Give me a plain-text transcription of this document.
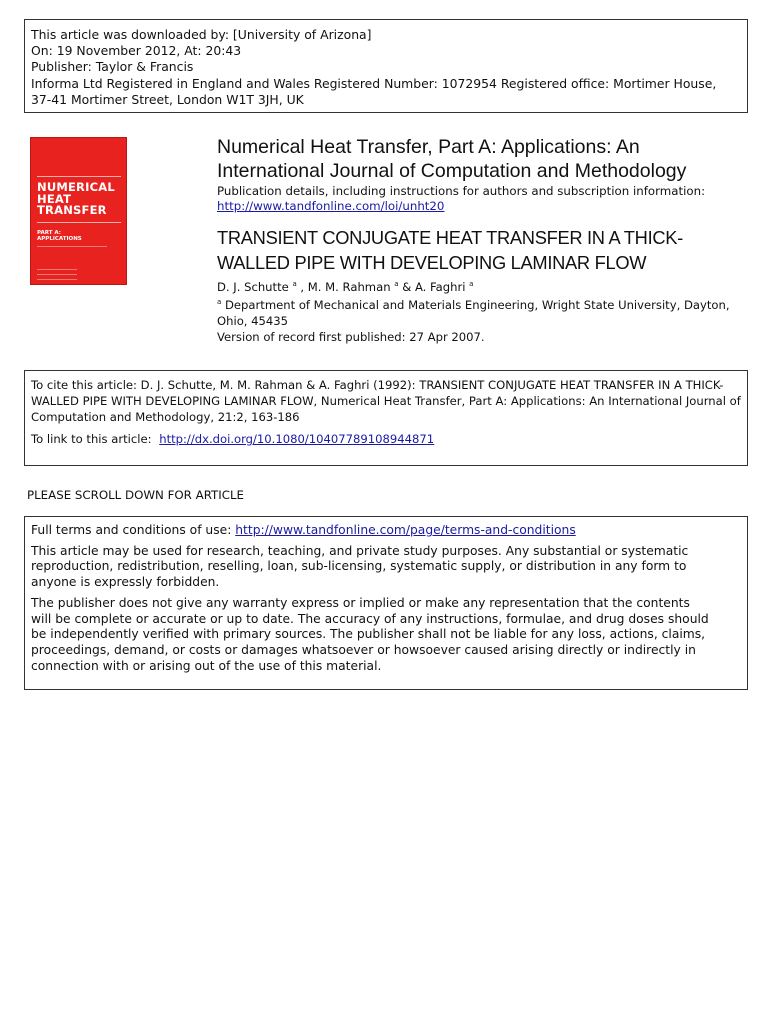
This article was downloaded by: [University of Arizona]
On: 19 November 2012, At: 20:43
Publisher: Taylor & Francis
Informa Ltd Registered in England and Wales Registered Number: 1072954 Registered office: Mortimer House,
37-41 Mortimer Street, London W1T 3JH, UK
NUMERICAL
HEAT
TRANSFER
PART A:
APPLICATIONS
Numerical Heat Transfer, Part A: Applications: An
International Journal of Computation and Methodology
Publication details, including instructions for authors and subscription information:
http://www.tandfonline.com/loi/unht20
TRANSIENT CONJUGATE HEAT TRANSFER IN A THICK-
WALLED PIPE WITH DEVELOPING LAMINAR FLOW
D. J. Schutte $^a$ , M. M. Rahman $^a$ & A. Faghri $^a$
$^a$ Department of Mechanical and Materials Engineering, Wright State University, Dayton,
Ohio, 45435
Version of record first published: 27 Apr 2007.
To cite this article: D. J. Schutte, M. M. Rahman & A. Faghri (1992): TRANSIENT CONJUGATE HEAT TRANSFER IN A THICK-
WALLED PIPE WITH DEVELOPING LAMINAR FLOW, Numerical Heat Transfer, Part A: Applications: An International Journal of
Computation and Methodology, 21:2, 163-186
To link to this article: http://dx.doi.org/10.1080/10407789108944871
PLEASE SCROLL DOWN FOR ARTICLE

Full terms and conditions of use: http://www.tandfonline.com/page/terms-and-conditions

This article may be used for research, teaching, and private study purposes. Any substantial or systematic
reproduction, redistribution, reselling, loan, sub-licensing, systematic supply, or distribution in any form to
anyone is expressly forbidden.

The publisher does not give any warranty express or implied or make any representation that the contents
will be complete or accurate or up to date. The accuracy of any instructions, formulae, and drug doses should
be independently verified with primary sources. The publisher shall not be liable for any loss, actions, claims,
proceedings, demand, or costs or damages whatsoever or howsoever caused arising directly or indirectly in
connection with or arising out of the use of this material.
